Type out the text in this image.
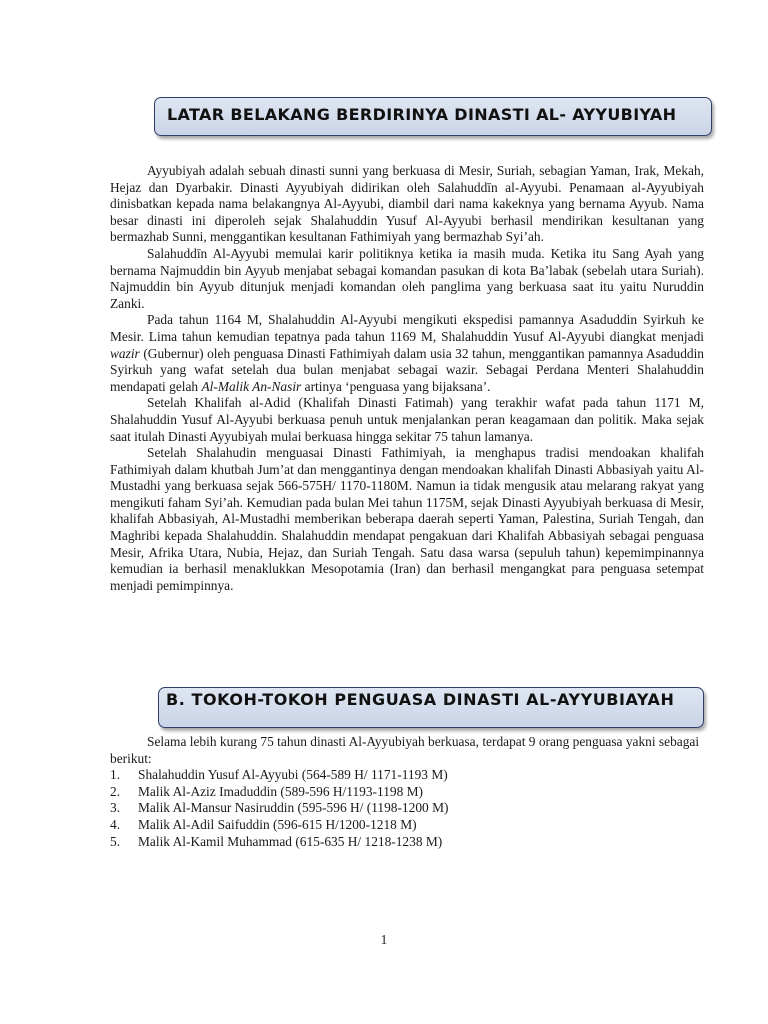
LATAR BELAKANG BERDIRINYA DINASTI AL- AYYUBIYAH

Ayyubiyah adalah sebuah dinasti sunni yang berkuasa di Mesir, Suriah, sebagian Yaman, Irak, Mekah, Hejaz dan Dyarbakir. Dinasti Ayyubiyah didirikan oleh Salahuddīn al-Ayyubi. Penamaan al-Ayyubiyah dinisbatkan kepada nama belakangnya Al-Ayyubi, diambil dari nama kakeknya yang bernama Ayyub. Nama besar dinasti ini diperoleh sejak Shalahuddin Yusuf Al-Ayyubi berhasil mendirikan kesultanan yang bermazhab Sunni, menggantikan kesultanan Fathimiyah yang bermazhab Syi’ah.

Salahuddīn Al-Ayyubi memulai karir politiknya ketika ia masih muda. Ketika itu Sang Ayah yang bernama Najmuddin bin Ayyub menjabat sebagai komandan pasukan di kota Ba’labak (sebelah utara Suriah). Najmuddin bin Ayyub ditunjuk menjadi komandan oleh panglima yang berkuasa saat itu yaitu Nuruddin Zanki.

Pada tahun 1164 M, Shalahuddin Al-Ayyubi mengikuti ekspedisi pamannya Asaduddin Syirkuh ke Mesir. Lima tahun kemudian tepatnya pada tahun 1169 M, Shalahuddin Yusuf Al-Ayyubi diangkat menjadi wazir (Gubernur) oleh penguasa Dinasti Fathimiyah dalam usia 32 tahun, menggantikan pamannya Asaduddin Syirkuh yang wafat setelah dua bulan menjabat sebagai wazir. Sebagai Perdana Menteri Shalahuddin mendapati gelah Al-Malik An-Nasir artinya ‘penguasa yang bijaksana’.

Setelah Khalifah al-Adid (Khalifah Dinasti Fatimah) yang terakhir wafat pada tahun 1171 M, Shalahuddin Yusuf Al-Ayyubi berkuasa penuh untuk menjalankan peran keagamaan dan politik. Maka sejak saat itulah Dinasti Ayyubiyah mulai berkuasa hingga sekitar 75 tahun lamanya.

Setelah Shalahudin menguasai Dinasti Fathimiyah, ia menghapus tradisi mendoakan khalifah Fathimiyah dalam khutbah Jum’at dan menggantinya dengan mendoakan khalifah Dinasti Abbasiyah yaitu Al- Mustadhi yang berkuasa sejak 566-575H/ 1170-1180M. Namun ia tidak mengusik atau melarang rakyat yang mengikuti faham Syi’ah. Kemudian pada bulan Mei tahun 1175M, sejak Dinasti Ayyubiyah berkuasa di Mesir, khalifah Abbasiyah, Al-Mustadhi memberikan beberapa daerah seperti Yaman, Palestina, Suriah Tengah, dan Maghribi kepada Shalahuddin. Shalahuddin mendapat pengakuan dari Khalifah Abbasiyah sebagai penguasa Mesir, Afrika Utara, Nubia, Hejaz, dan Suriah Tengah. Satu dasa warsa (sepuluh tahun) kepemimpinannya kemudian ia berhasil menaklukkan Mesopotamia (Iran) dan berhasil mengangkat para penguasa setempat menjadi pemimpinnya.

B. TOKOH-TOKOH PENGUASA DINASTI AL-AYYUBIAYAH

Selama lebih kurang 75 tahun dinasti Al-Ayyubiyah berkuasa, terdapat 9 orang penguasa yakni sebagai berikut:

1.	Shalahuddin Yusuf Al-Ayyubi (564-589 H/ 1171-1193 M)
2.	Malik Al-Aziz Imaduddin (589-596 H/1193-1198 M)
3.	Malik Al-Mansur Nasiruddin (595-596 H/ (1198-1200 M)
4.	Malik Al-Adil Saifuddin (596-615 H/1200-1218 M)
5.	Malik Al-Kamil Muhammad (615-635 H/ 1218-1238 M)
1
